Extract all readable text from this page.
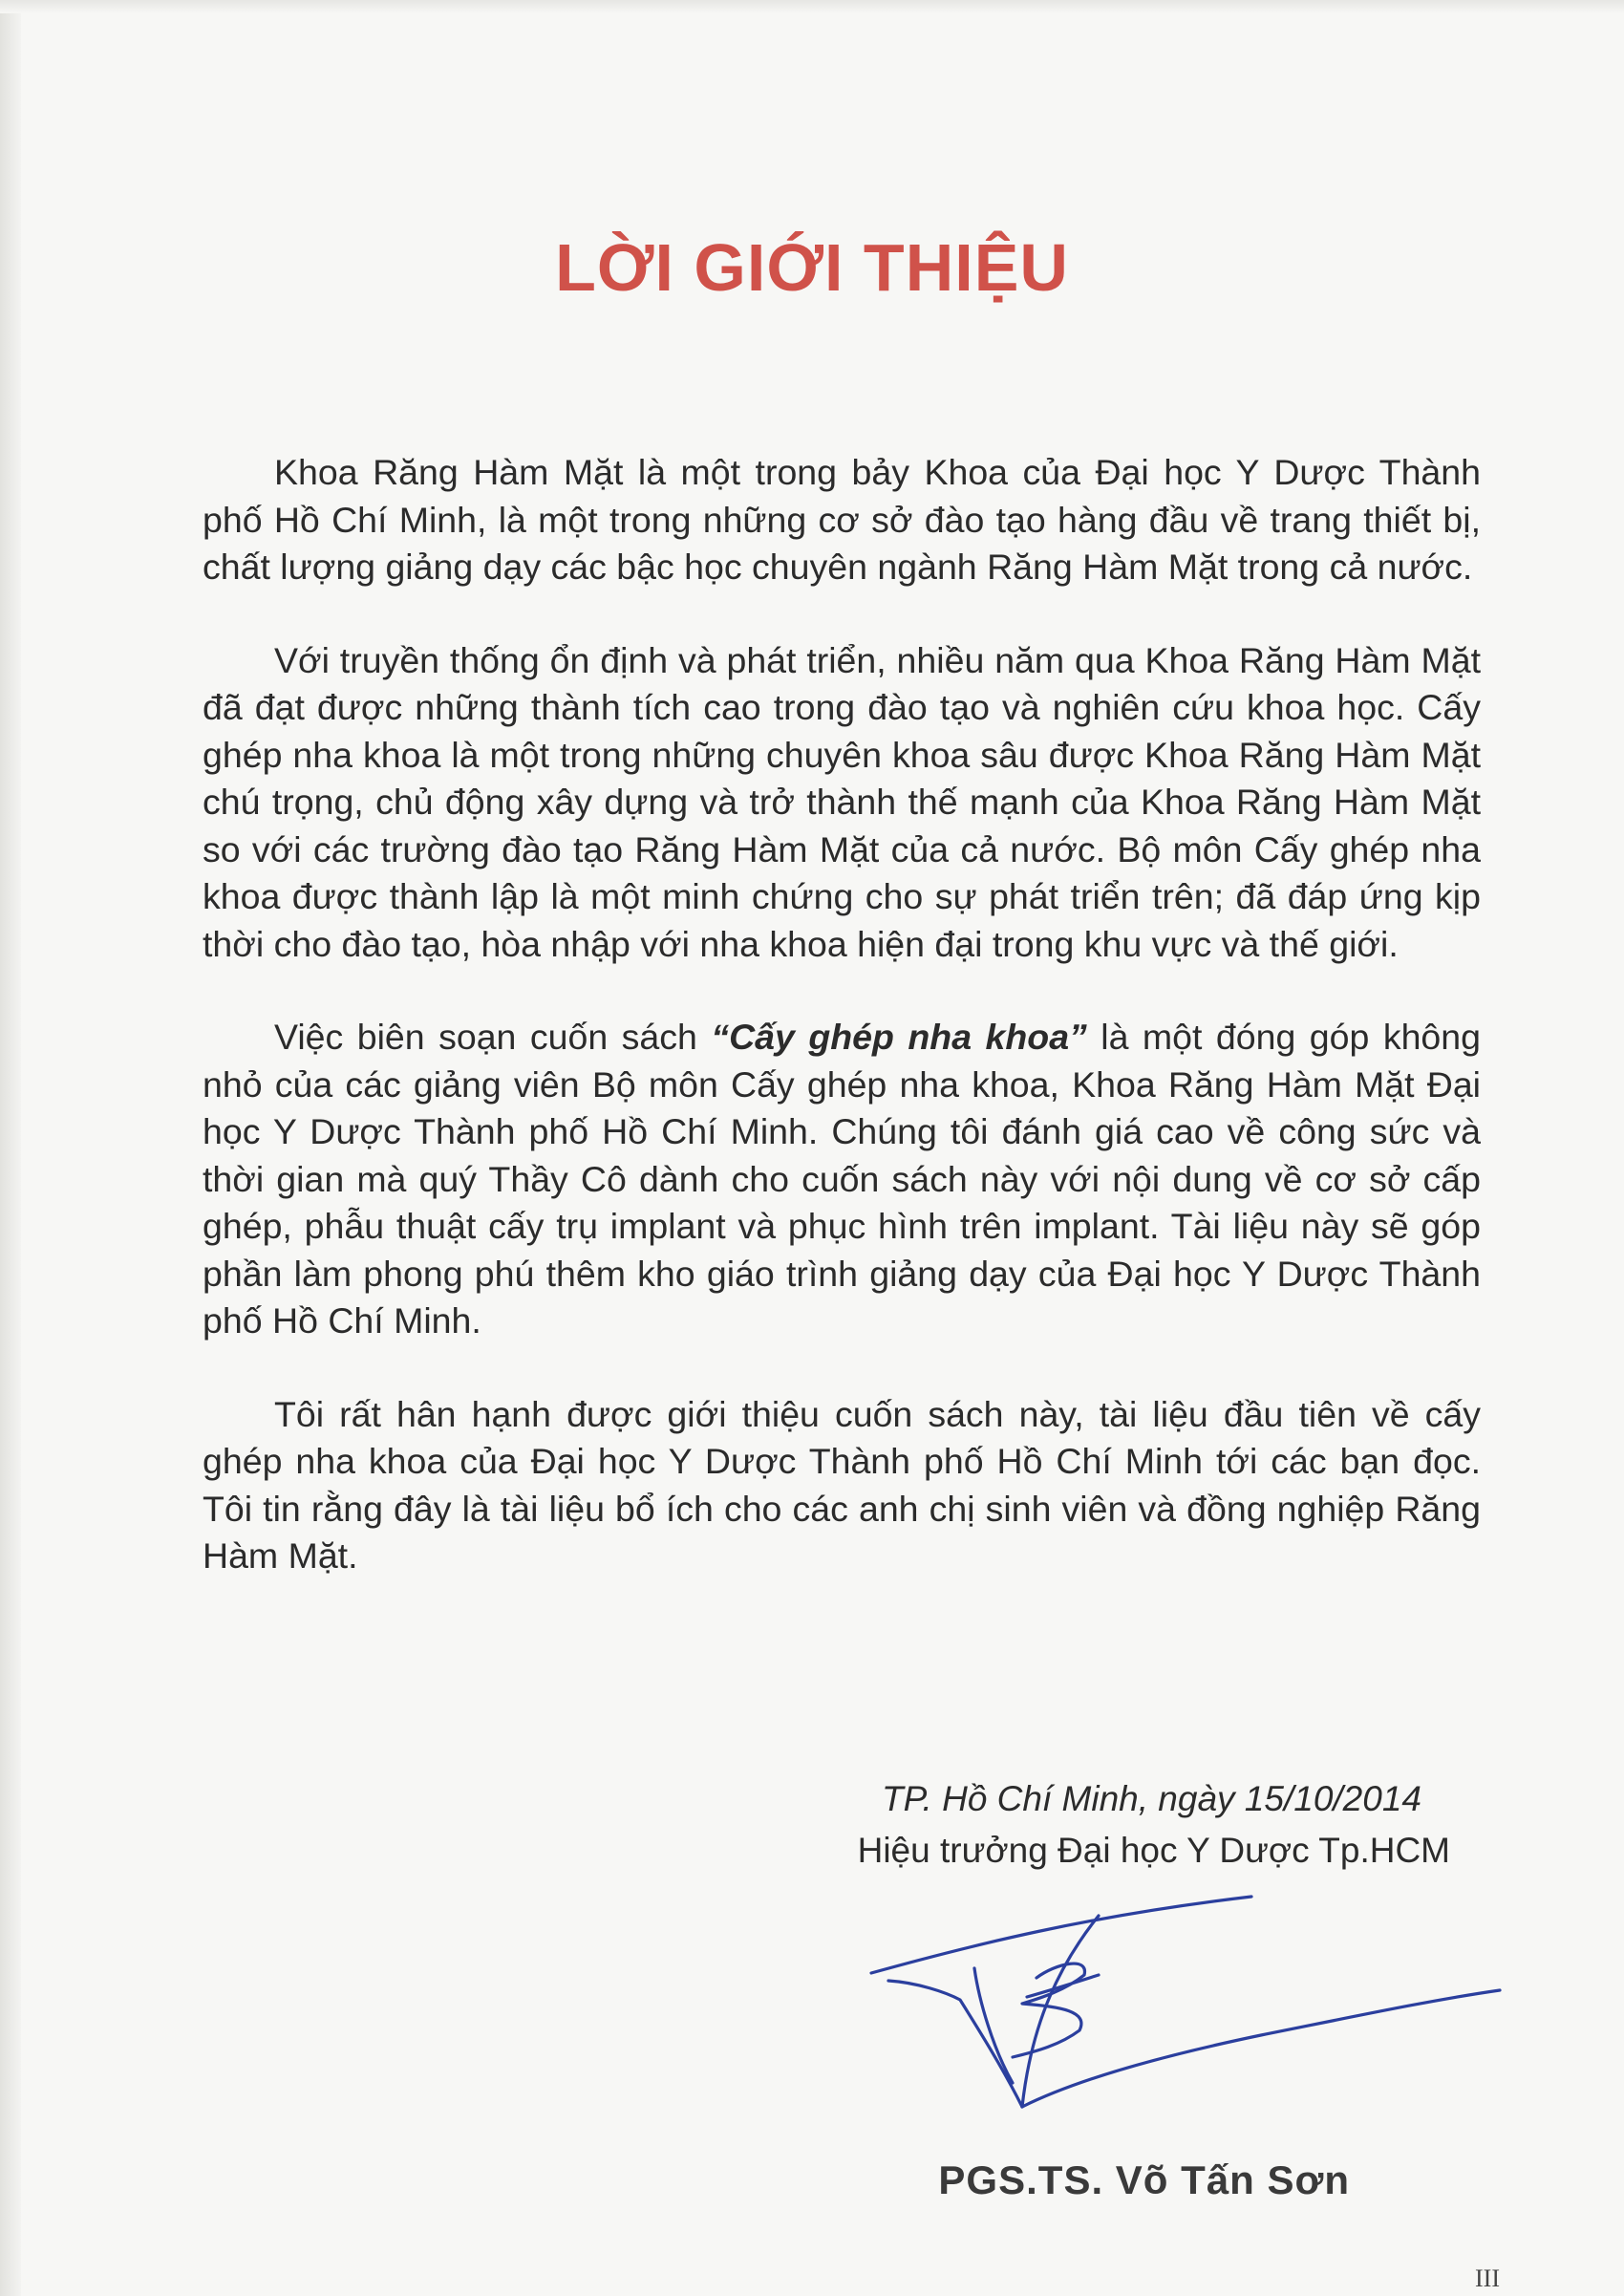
LỜI GIỚI THIỆU

Khoa Răng Hàm Mặt là một trong bảy Khoa của Đại học Y Dược Thành phố Hồ Chí Minh, là một trong những cơ sở đào tạo hàng đầu về trang thiết bị, chất lượng giảng dạy các bậc học chuyên ngành Răng Hàm Mặt trong cả nước.

Với truyền thống ổn định và phát triển, nhiều năm qua Khoa Răng Hàm Mặt đã đạt được những thành tích cao trong đào tạo và nghiên cứu khoa học. Cấy ghép nha khoa là một trong những chuyên khoa sâu được Khoa Răng Hàm Mặt chú trọng, chủ động xây dựng và trở thành thế mạnh của Khoa Răng Hàm Mặt so với các trường đào tạo Răng Hàm Mặt của cả nước. Bộ môn Cấy ghép nha khoa được thành lập là một minh chứng cho sự phát triển trên; đã đáp ứng kịp thời cho đào tạo, hòa nhập với nha khoa hiện đại trong khu vực và thế giới.

Việc biên soạn cuốn sách “Cấy ghép nha khoa” là một đóng góp không nhỏ của các giảng viên Bộ môn Cấy ghép nha khoa, Khoa Răng Hàm Mặt Đại học Y Dược Thành phố Hồ Chí Minh. Chúng tôi đánh giá cao về công sức và thời gian mà quý Thầy Cô dành cho cuốn sách này với nội dung về cơ sở cấp ghép, phẫu thuật cấy trụ implant và phục hình trên implant. Tài liệu này sẽ góp phần làm phong phú thêm kho giáo trình giảng dạy của Đại học Y Dược Thành phố Hồ Chí Minh.

Tôi rất hân hạnh được giới thiệu cuốn sách này, tài liệu đầu tiên về cấy ghép nha khoa của Đại học Y Dược Thành phố Hồ Chí Minh tới các bạn đọc. Tôi tin rằng đây là tài liệu bổ ích cho các anh chị sinh viên và đồng nghiệp Răng Hàm Mặt.

TP. Hồ Chí Minh, ngày 15/10/2014
Hiệu trưởng Đại học Y Dược Tp.HCM
PGS.TS. Võ Tấn Sơn
III
